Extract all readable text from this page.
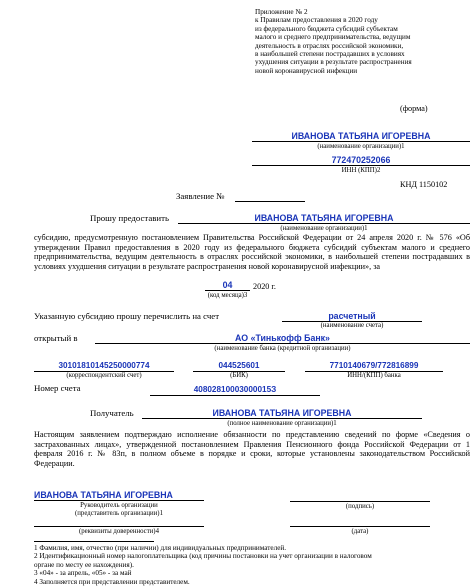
Приложение № 2
к Правилам предоставления в 2020 году
из федерального бюджета субсидий субъектам
малого и среднего предпринимательства, ведущим
деятельность в отраслях российской экономики,
в наибольшей степени пострадавших в условиях
ухудшения ситуации в результате распространения
новой коронавирусной инфекции
(форма)
ИВАНОВА ТАТЬЯНА ИГОРЕВНА
(наименование организации)1
772470252066
ИНН (КПП)2
КНД 1150102
Заявление №
Прошу предоставить	ИВАНОВА ТАТЬЯНА ИГОРЕВНА
(наименование организации)1
субсидию, предусмотренную постановлением Правительства Российской Федерации от 24 апреля 2020 г. № 576 «Об утверждении Правил предоставления в 2020 году из федерального бюджета субсидий субъектам малого и среднего предпринимательства, ведущим деятельность в отраслях российской экономики, в наибольшей степени пострадавших в условиях ухудшения ситуации в результате распространения новой коронавирусной инфекции», за
04	2020 г.
(код месяца)3
Указанную субсидию прошу перечислить на счет	расчетный
(наименование счета)
открытый в	АО «Тинькофф Банк»
(наименование банка (кредитной организации)
30101810145250000774
(корреспондентский счет)
044525601
(БИК)
7710140679/772816899
ИНН/(КПП) банка
Номер счета	40802810003000015З
Получатель	ИВАНОВА ТАТЬЯНА ИГОРЕВНА
(полное наименование организации)1
Настоящим заявлением подтверждаю исполнение обязанности по представлению сведений по форме «Сведения о застрахованных лицах», утвержденной постановлением Правления Пенсионного фонда Российской Федерации от 1 февраля 2016 г. № 83п, в полном объеме в порядке и сроки, которые установлены законодательством Российской Федерации.
ИВАНОВА ТАТЬЯНА ИГОРЕВНА
Руководитель организации
(представитель организации)1
(подпись)
(реквизиты доверенности)4	(дата)
1 Фамилия, имя, отчество (при наличии) для индивидуальных предпринимателей.
2 Идентификационный номер налогоплательщика (код причины постановки на учет организации в налоговом
органе по месту ее нахождения).
3 «04» - за апрель, «05» - за май
4 Заполняется при представлении представителем.
